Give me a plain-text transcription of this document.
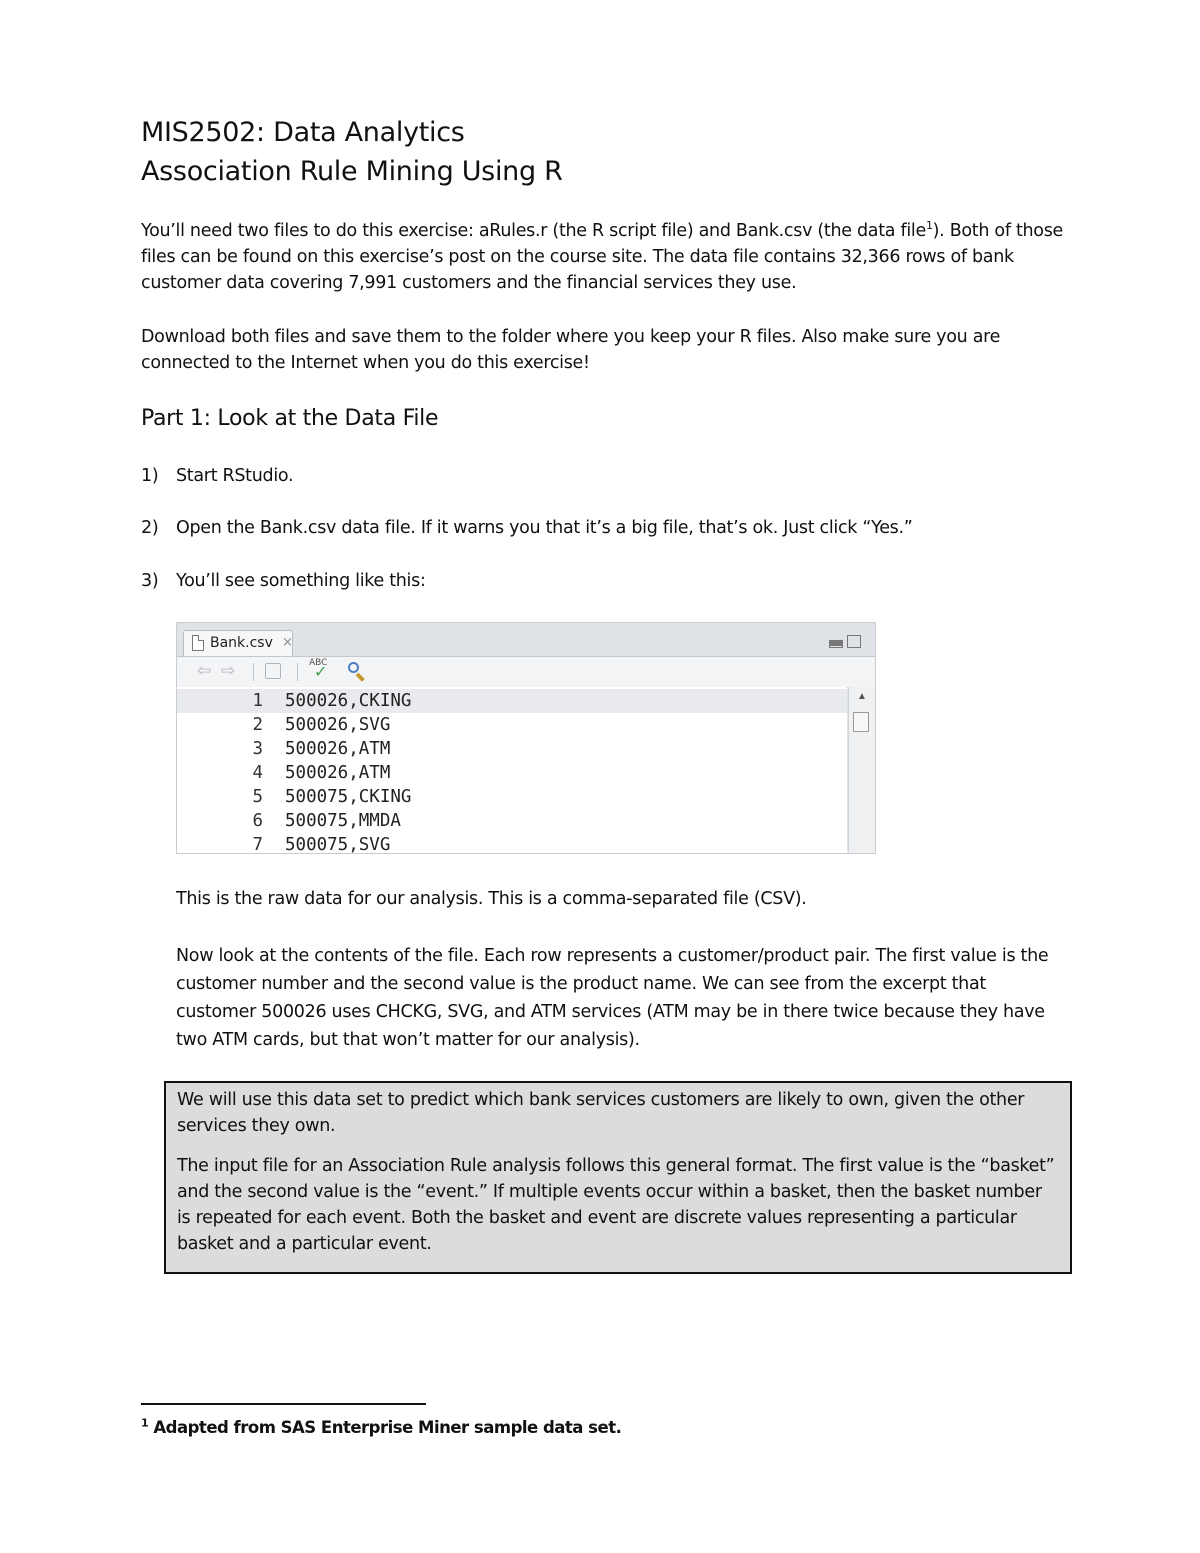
MIS2502: Data Analytics
Association Rule Mining Using R
You’ll need two files to do this exercise: aRules.r (the R script file) and Bank.csv (the data file$^1$). Both of those files can be found on this exercise’s post on the course site. The data file contains 32,366 rows of bank customer data covering 7,991 customers and the financial services they use.
Download both files and save them to the folder where you keep your R files. Also make sure you are connected to the Internet when you do this exercise!
Part 1: Look at the Data File
1) Start RStudio.
2) Open the Bank.csv data file. If it warns you that it’s a big file, that’s ok. Just click “Yes.”
3) You’ll see something like this:
Bank.csv ×
⇦ ⇨	ABC
✓
1 500026,CKING
2 500026,SVG
3 500026,ATM
4 500026,ATM
5 500075,CKING
6 500075,MMDA
7 500075,SVG
▲
This is the raw data for our analysis. This is a comma-separated file (CSV).
Now look at the contents of the file. Each row represents a customer/product pair. The first value is the customer number and the second value is the product name. We can see from the excerpt that customer 500026 uses CHCKG, SVG, and ATM services (ATM may be in there twice because they have two ATM cards, but that won’t matter for our analysis).

We will use this data set to predict which bank services customers are likely to own, given the other services they own.

The input file for an Association Rule analysis follows this general format. The first value is the “basket” and the second value is the “event.” If multiple events occur within a basket, then the basket number is repeated for each event. Both the basket and event are discrete values representing a particular basket and a particular event.

$^1$ Adapted from SAS Enterprise Miner sample data set.
